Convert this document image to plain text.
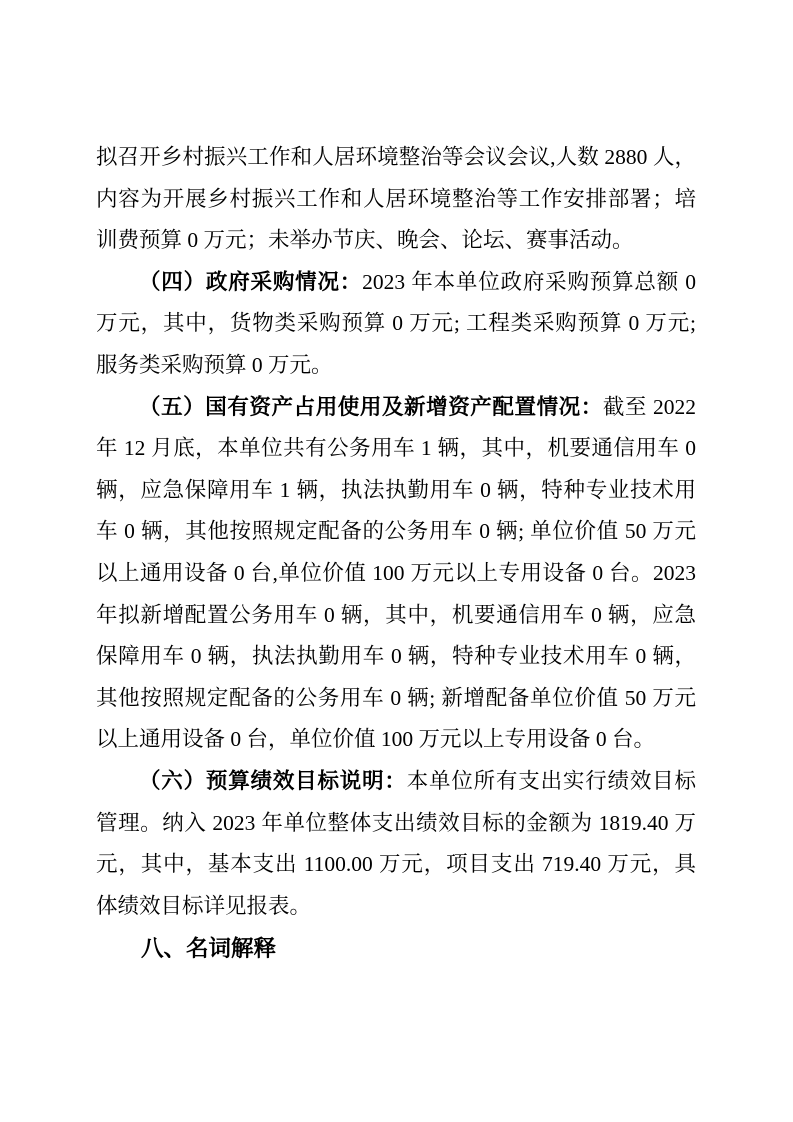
拟召开乡村振兴工作和人居环境整治等会议会议,人数 2880 人，内容为开展乡村振兴工作和人居环境整治等工作安排部署；培训费预算 0 万元；未举办节庆、晚会、论坛、赛事活动。

（四）政府采购情况：2023 年本单位政府采购预算总额 0 万元，其中，货物类采购预算 0 万元; 工程类采购预算 0 万元; 服务类采购预算 0 万元。

（五）国有资产占用使用及新增资产配置情况：截至 2022 年 12 月底，本单位共有公务用车 1 辆，其中，机要通信用车 0 辆，应急保障用车 1 辆，执法执勤用车 0 辆，特种专业技术用车 0 辆，其他按照规定配备的公务用车 0 辆; 单位价值 50 万元以上通用设备 0 台,单位价值 100 万元以上专用设备 0 台。2023 年拟新增配置公务用车 0 辆，其中，机要通信用车 0 辆，应急保障用车 0 辆，执法执勤用车 0 辆，特种专业技术用车 0 辆，其他按照规定配备的公务用车 0 辆; 新增配备单位价值 50 万元以上通用设备 0 台，单位价值 100 万元以上专用设备 0 台。

（六）预算绩效目标说明：本单位所有支出实行绩效目标管理。纳入 2023 年单位整体支出绩效目标的金额为 1819.40 万元，其中，基本支出 1100.00 万元，项目支出 719.40 万元，具体绩效目标详见报表。

八、名词解释
